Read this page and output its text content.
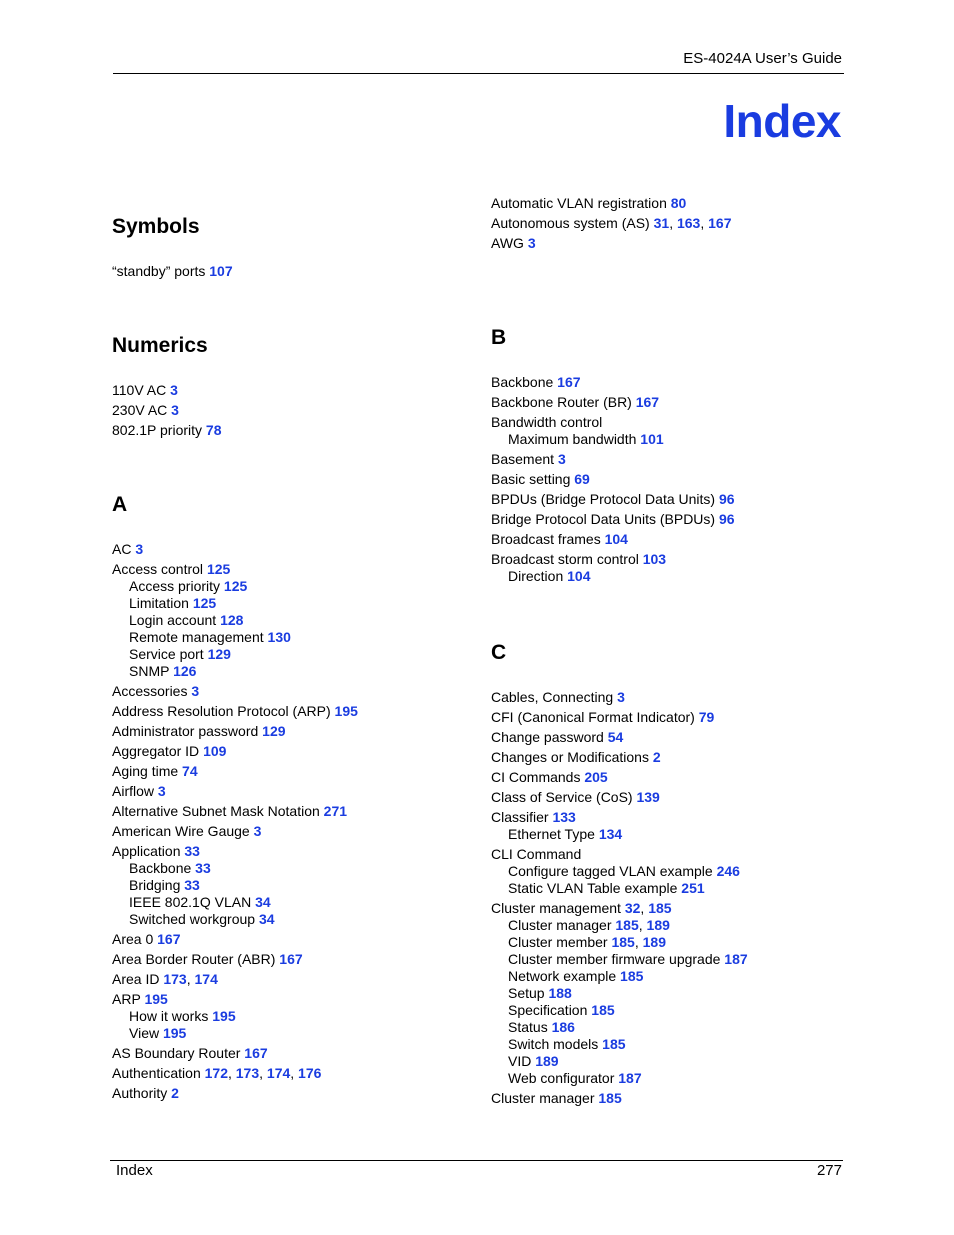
ES-4024A User’s Guide
Index
Symbols
“standby” ports 107
Numerics
110V AC 3
230V AC 3
802.1P priority 78
A
AC 3
Access control 125
Access priority 125
Limitation 125
Login account 128
Remote management 130
Service port 129
SNMP 126
Accessories 3
Address Resolution Protocol (ARP) 195
Administrator password 129
Aggregator ID 109
Aging time 74
Airflow 3
Alternative Subnet Mask Notation 271
American Wire Gauge 3
Application 33
Backbone 33
Bridging 33
IEEE 802.1Q VLAN 34
Switched workgroup 34
Area 0 167
Area Border Router (ABR) 167
Area ID 173, 174
ARP 195
How it works 195
View 195
AS Boundary Router 167
Authentication 172, 173, 174, 176
Authority 2
Automatic VLAN registration 80
Autonomous system (AS) 31, 163, 167
AWG 3
B
Backbone 167
Backbone Router (BR) 167
Bandwidth control
Maximum bandwidth 101
Basement 3
Basic setting 69
BPDUs (Bridge Protocol Data Units) 96
Bridge Protocol Data Units (BPDUs) 96
Broadcast frames 104
Broadcast storm control 103
Direction 104
C
Cables, Connecting 3
CFI (Canonical Format Indicator) 79
Change password 54
Changes or Modifications 2
CI Commands 205
Class of Service (CoS) 139
Classifier 133
Ethernet Type 134
CLI Command
Configure tagged VLAN example 246
Static VLAN Table example 251
Cluster management 32, 185
Cluster manager 185, 189
Cluster member 185, 189
Cluster member firmware upgrade 187
Network example 185
Setup 188
Specification 185
Status 186
Switch models 185
VID 189
Web configurator 187
Cluster manager 185
Index	277
